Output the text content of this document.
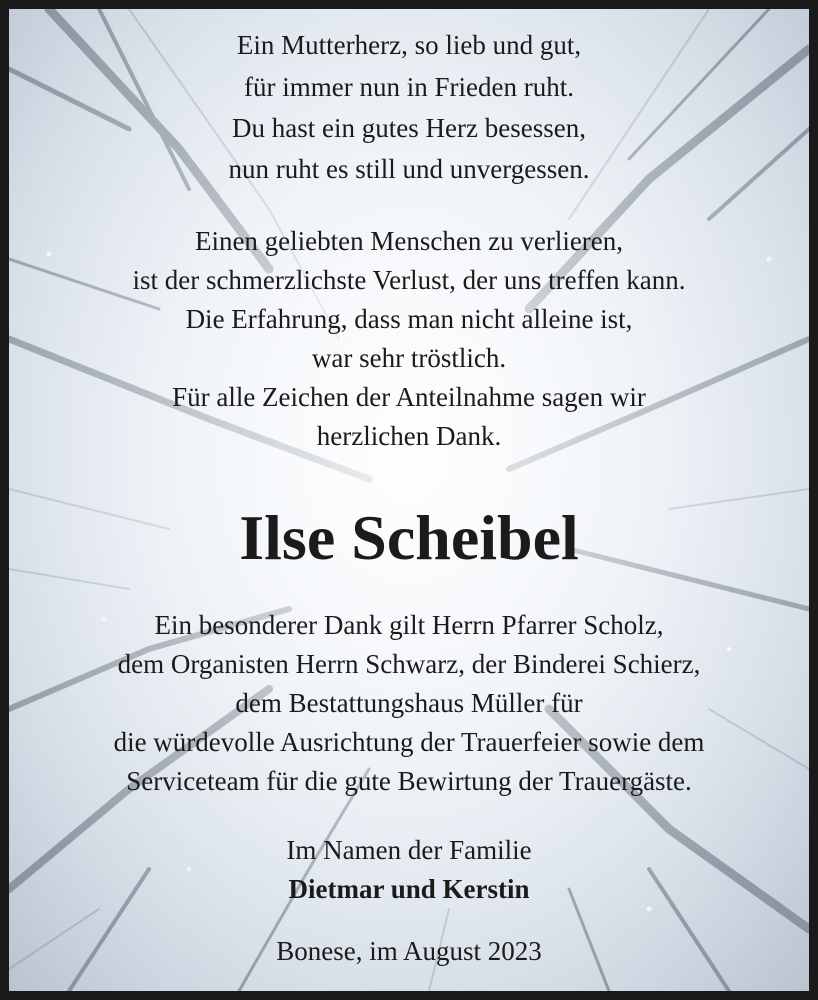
Ein Mutterherz, so lieb und gut,
für immer nun in Frieden ruht.
Du hast ein gutes Herz besessen,
nun ruht es still und unvergessen.
Einen geliebten Menschen zu verlieren,
ist der schmerzlichste Verlust, der uns treffen kann.
Die Erfahrung, dass man nicht alleine ist,
war sehr tröstlich.
Für alle Zeichen der Anteilnahme sagen wir
herzlichen Dank.
Ilse Scheibel
Ein besonderer Dank gilt Herrn Pfarrer Scholz,
dem Organisten Herrn Schwarz, der Binderei Schierz,
dem Bestattungshaus Müller für
die würdevolle Ausrichtung der Trauerfeier sowie dem
Serviceteam für die gute Bewirtung der Trauergäste.
Im Namen der Familie
Dietmar und Kerstin
Bonese, im August 2023
